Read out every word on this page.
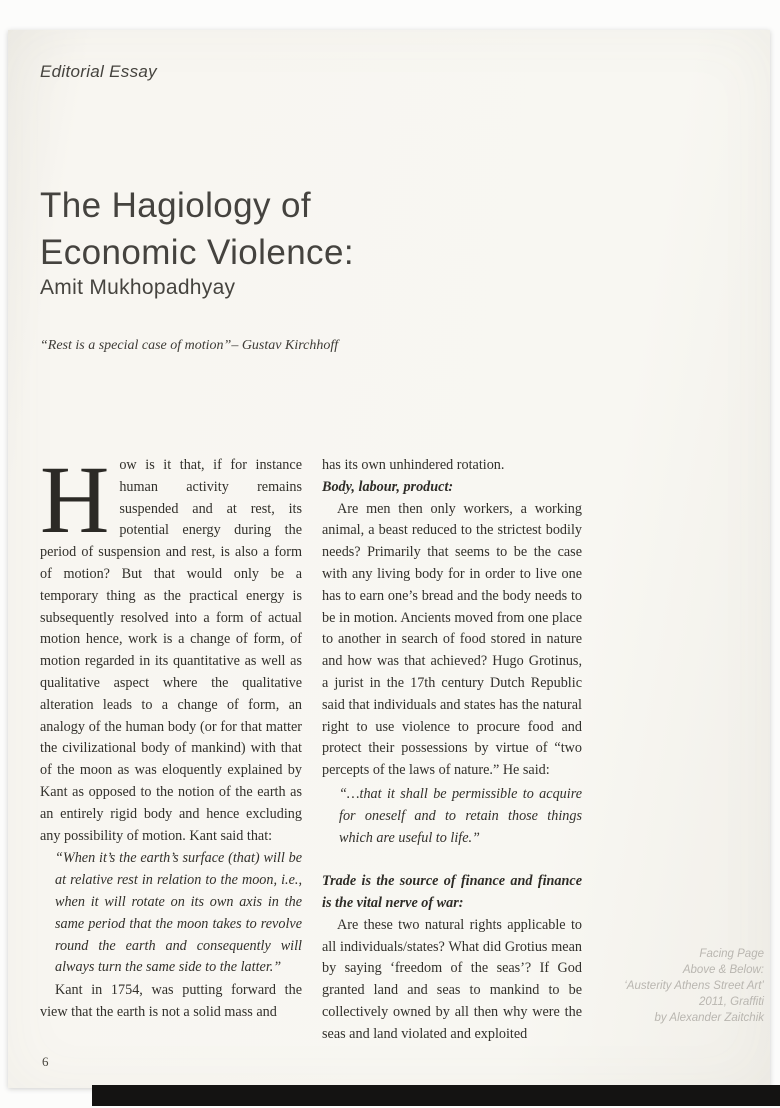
Editorial Essay
The Hagiology of
Economic Violence:
Amit Mukhopadhyay
“Rest is a special case of motion”– Gustav Kirchhoff

How is it that, if for instance human activity remains suspended and at rest, its potential energy during the period of suspension and rest, is also a form of motion? But that would only be a temporary thing as the practical energy is subsequently resolved into a form of actual motion hence, work is a change of form, of motion regarded in its quantitative as well as qualitative aspect where the qualitative alteration leads to a change of form, an analogy of the human body (or for that matter the civilizational body of mankind) with that of the moon as was eloquently explained by Kant as opposed to the notion of the earth as an entirely rigid body and hence excluding any possibility of motion. Kant said that:

“When it’s the earth’s surface (that) will be at relative rest in relation to the moon, i.e., when it will rotate on its own axis in the same period that the moon takes to revolve round the earth and consequently will always turn the same side to the latter.”

Kant in 1754, was putting forward the view that the earth is not a solid mass and

has its own unhindered rotation.

Body, labour, product:

Are men then only workers, a working animal, a beast reduced to the strictest bodily needs? Primarily that seems to be the case with any living body for in order to live one has to earn one’s bread and the body needs to be in motion. Ancients moved from one place to another in search of food stored in nature and how was that achieved? Hugo Grotinus, a jurist in the 17th century Dutch Republic said that individuals and states has the natural right to use violence to procure food and protect their possessions by virtue of “two percepts of the laws of nature.” He said:

“…that it shall be permissible to acquire for oneself and to retain those things which are useful to life.”

Trade is the source of finance and finance is the vital nerve of war:

Are these two natural rights applicable to all individuals/states? What did Grotius mean by saying ‘freedom of the seas’? If God granted land and seas to mankind to be collectively owned by all then why were the seas and land violated and exploited

Facing Page
Above & Below:
‘Austerity Athens Street Art’
2011, Graffiti
by Alexander Zaitchik
6
